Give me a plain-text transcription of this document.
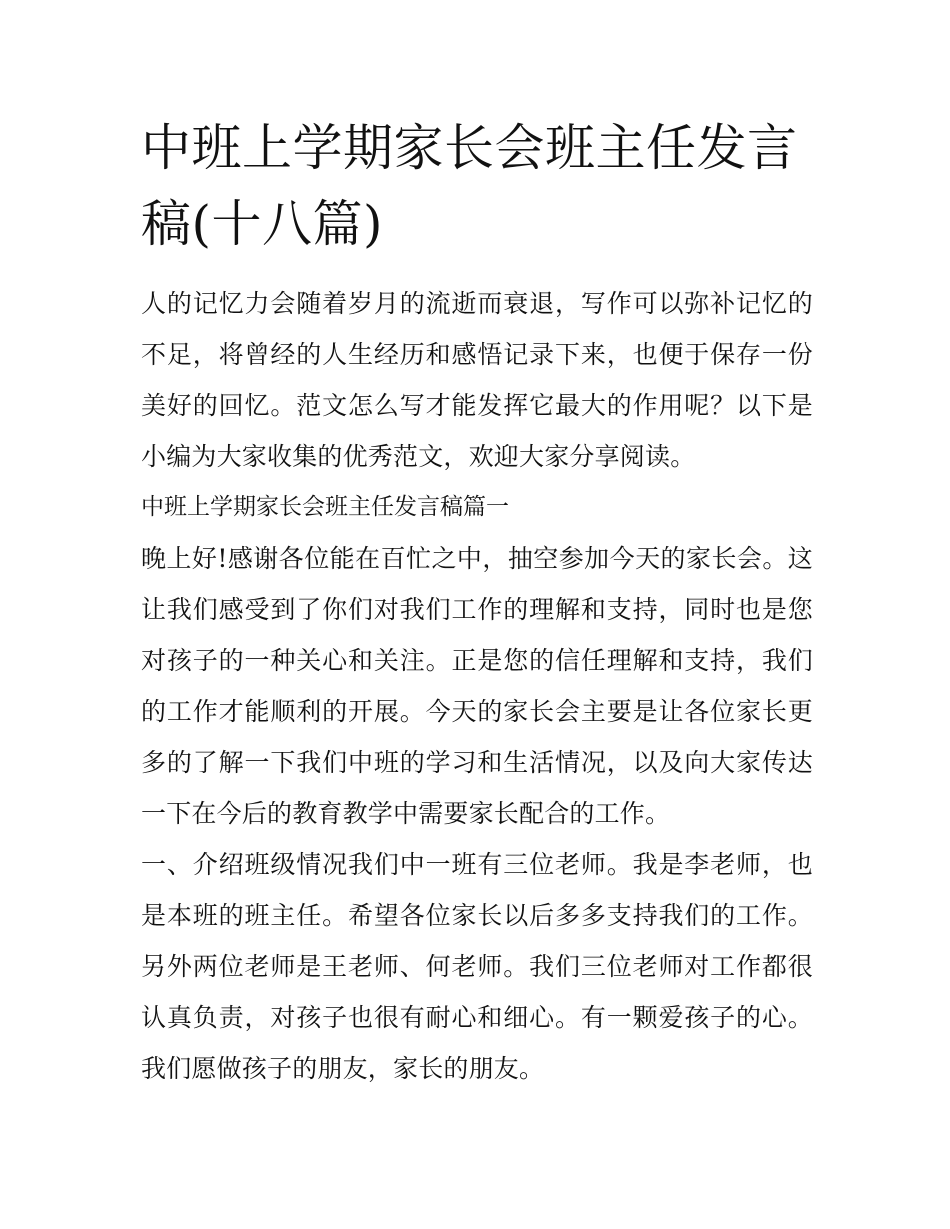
中班上学期家长会班主任发言稿(十八篇)

人的记忆力会随着岁月的流逝而衰退，写作可以弥补记忆的不足，将曾经的人生经历和感悟记录下来，也便于保存一份美好的回忆。范文怎么写才能发挥它最大的作用呢？以下是小编为大家收集的优秀范文，欢迎大家分享阅读。

中班上学期家长会班主任发言稿篇一

晚上好!感谢各位能在百忙之中，抽空参加今天的家长会。这让我们感受到了你们对我们工作的理解和支持，同时也是您对孩子的一种关心和关注。正是您的信任理解和支持，我们的工作才能顺利的开展。今天的家长会主要是让各位家长更多的了解一下我们中班的学习和生活情况，以及向大家传达一下在今后的教育教学中需要家长配合的工作。

一、介绍班级情况我们中一班有三位老师。我是李老师，也是本班的班主任。希望各位家长以后多多支持我们的工作。另外两位老师是王老师、何老师。我们三位老师对工作都很认真负责，对孩子也很有耐心和细心。有一颗爱孩子的心。我们愿做孩子的朋友，家长的朋友。
